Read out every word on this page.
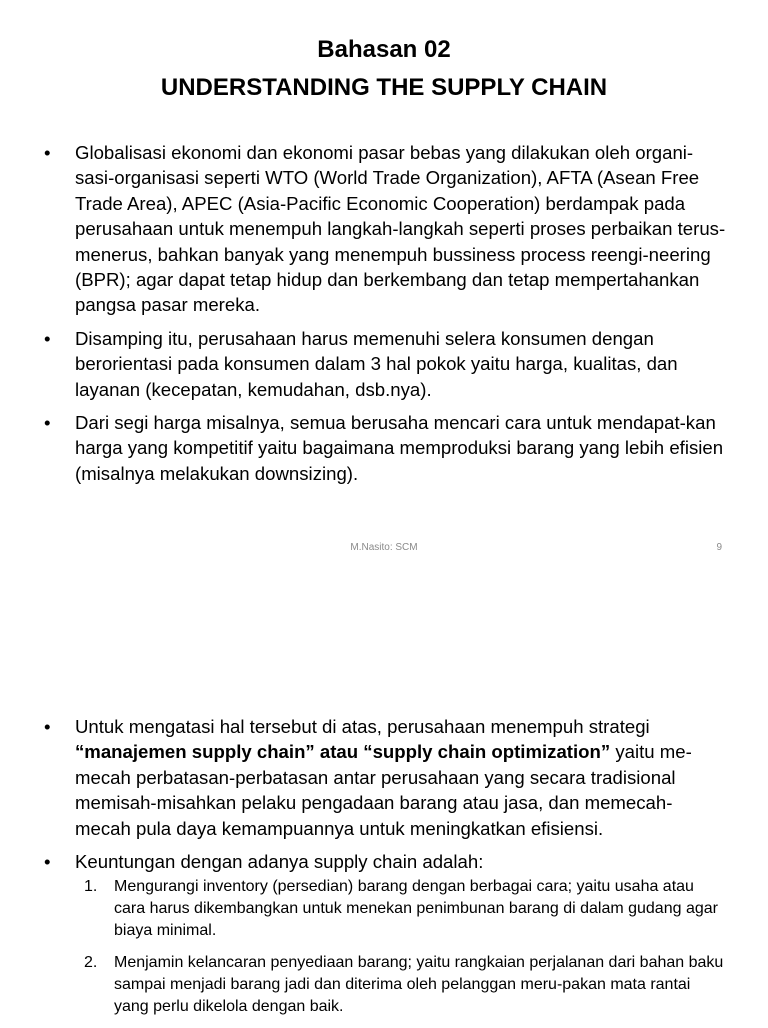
Bahasan 02
UNDERSTANDING THE SUPPLY CHAIN
• Globalisasi ekonomi dan ekonomi pasar bebas yang dilakukan oleh organi-sasi-organisasi seperti WTO (World Trade Organization), AFTA (Asean Free Trade Area), APEC (Asia-Pacific Economic Cooperation) berdampak pada perusahaan untuk menempuh langkah-langkah seperti proses perbaikan terus-menerus, bahkan banyak yang menempuh bussiness process reengi-neering (BPR); agar dapat tetap hidup dan berkembang dan tetap mempertahankan pangsa pasar mereka.
• Disamping itu, perusahaan harus memenuhi selera konsumen dengan berorientasi pada konsumen dalam 3 hal pokok yaitu harga, kualitas, dan layanan (kecepatan, kemudahan, dsb.nya).
• Dari segi harga misalnya, semua berusaha mencari cara untuk mendapat-kan harga yang kompetitif yaitu bagaimana memproduksi barang yang lebih efisien (misalnya melakukan downsizing).
M.Nasito: SCM	9
• Untuk mengatasi hal tersebut di atas, perusahaan menempuh strategi “manajemen supply chain” atau “supply chain optimization” yaitu me-mecah perbatasan-perbatasan antar perusahaan yang secara tradisional memisah-misahkan pelaku pengadaan barang atau jasa, dan memecah-mecah pula daya kemampuannya untuk meningkatkan efisiensi.
• Keuntungan dengan adanya supply chain adalah:
1. Mengurangi inventory (persedian) barang dengan berbagai cara; yaitu usaha atau cara harus dikembangkan untuk menekan penimbunan barang di dalam gudang agar biaya minimal.
2. Menjamin kelancaran penyediaan barang; yaitu rangkaian perjalanan dari bahan baku sampai menjadi barang jadi dan diterima oleh pelanggan meru-pakan mata rantai yang perlu dikelola dengan baik.
